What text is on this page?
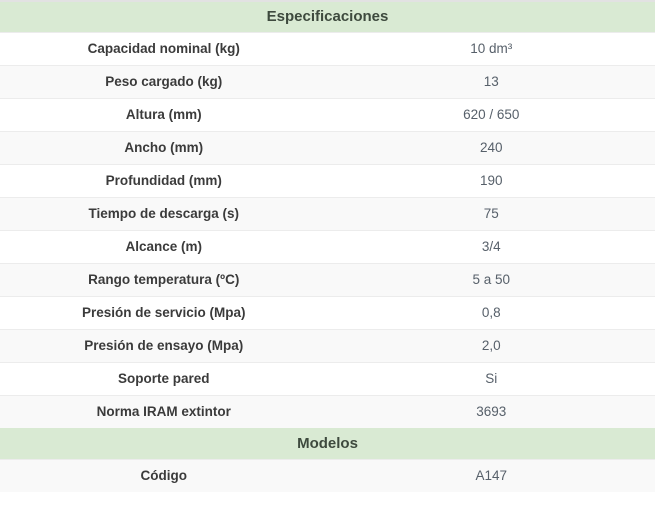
Especificaciones	
Capacidad nominal (kg)	10 dm³
Peso cargado (kg)	13
Altura (mm)	620 / 650
Ancho (mm)	240
Profundidad (mm)	190
Tiempo de descarga (s)	75
Alcance (m)	3/4
Rango temperatura (ºC)	5 a 50
Presión de servicio (Mpa)	0,8
Presión de ensayo (Mpa)	2,0
Soporte pared	Si
Norma IRAM extintor	3693
Modelos	
Código	A147
